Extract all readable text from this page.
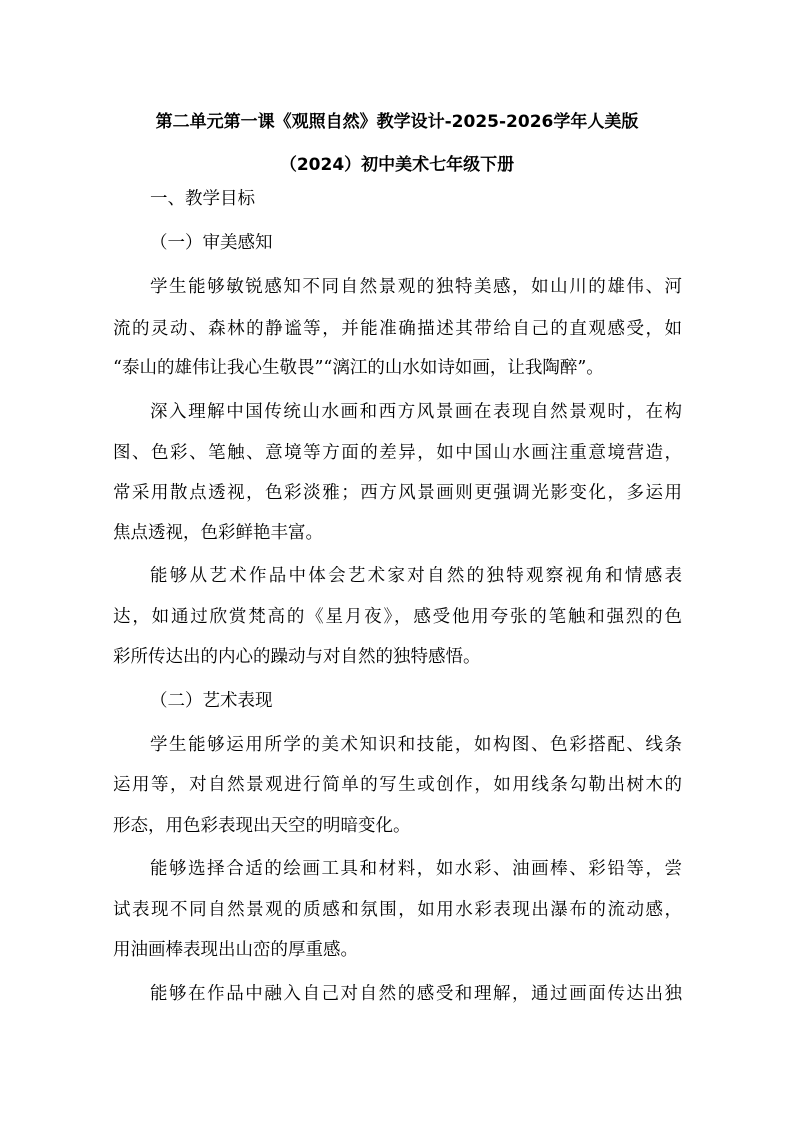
第二单元第一课《观照自然》教学设计-2025-2026学年人美版
（2024）初中美术七年级下册
一、教学目标
（一）审美感知
学生能够敏锐感知不同自然景观的独特美感，如山川的雄伟、河
流的灵动、森林的静谧等，并能准确描述其带给自己的直观感受，如
“泰山的雄伟让我心生敬畏”“漓江的山水如诗如画，让我陶醉”。
深入理解中国传统山水画和西方风景画在表现自然景观时，在构
图、色彩、笔触、意境等方面的差异，如中国山水画注重意境营造，
常采用散点透视，色彩淡雅；西方风景画则更强调光影变化，多运用
焦点透视，色彩鲜艳丰富。
能够从艺术作品中体会艺术家对自然的独特观察视角和情感表
达，如通过欣赏梵高的《星月夜》，感受他用夸张的笔触和强烈的色
彩所传达出的内心的躁动与对自然的独特感悟。
（二）艺术表现
学生能够运用所学的美术知识和技能，如构图、色彩搭配、线条
运用等，对自然景观进行简单的写生或创作，如用线条勾勒出树木的
形态，用色彩表现出天空的明暗变化。
能够选择合适的绘画工具和材料，如水彩、油画棒、彩铅等，尝
试表现不同自然景观的质感和氛围，如用水彩表现出瀑布的流动感，
用油画棒表现出山峦的厚重感。
能够在作品中融入自己对自然的感受和理解，通过画面传达出独
